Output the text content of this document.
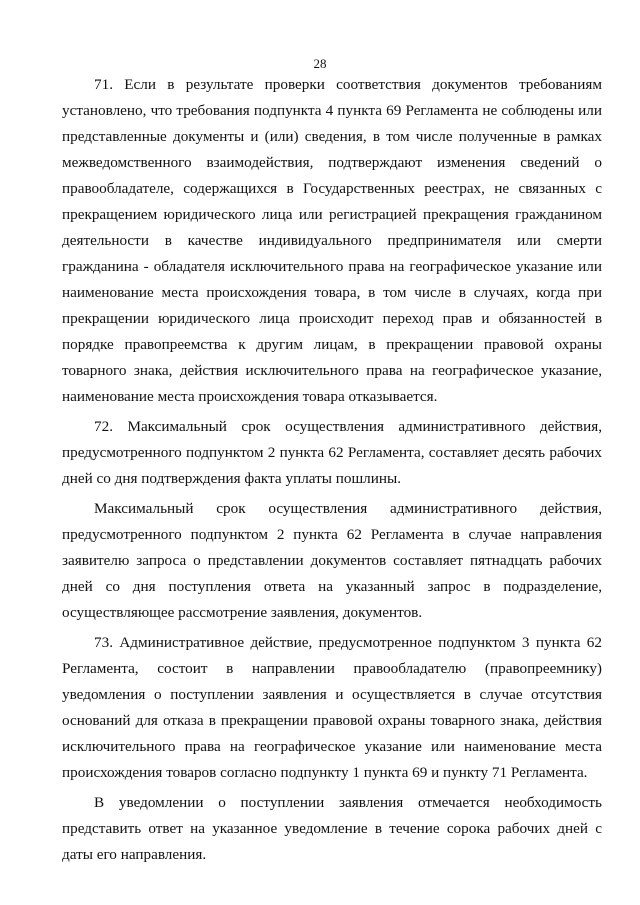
28

71. Если в результате проверки соответствия документов требованиям установлено, что требования подпункта 4 пункта 69 Регламента не соблюдены или представленные документы и (или) сведения, в том числе полученные в рамках межведомственного взаимодействия, подтверждают изменения сведений о правообладателе, содержащихся в Государственных реестрах, не связанных с прекращением юридического лица или регистрацией прекращения гражданином деятельности в качестве индивидуального предпринимателя или смерти гражданина - обладателя исключительного права на географическое указание или наименование места происхождения товара, в том числе в случаях, когда при прекращении юридического лица происходит переход прав и обязанностей в порядке правопреемства к другим лицам, в прекращении правовой охраны товарного знака, действия исключительного права на географическое указание, наименование места происхождения товара отказывается.

72. Максимальный срок осуществления административного действия, предусмотренного подпунктом 2 пункта 62 Регламента, составляет десять рабочих дней со дня подтверждения факта уплаты пошлины.

Максимальный срок осуществления административного действия, предусмотренного подпунктом 2 пункта 62 Регламента в случае направления заявителю запроса о представлении документов составляет пятнадцать рабочих дней со дня поступления ответа на указанный запрос в подразделение, осуществляющее рассмотрение заявления, документов.

73. Административное действие, предусмотренное подпунктом 3 пункта 62 Регламента, состоит в направлении правообладателю (правопреемнику) уведомления о поступлении заявления и осуществляется в случае отсутствия оснований для отказа в прекращении правовой охраны товарного знака, действия исключительного права на географическое указание или наименование места происхождения товаров согласно подпункту 1 пункта 69 и пункту 71 Регламента.

В уведомлении о поступлении заявления отмечается необходимость представить ответ на указанное уведомление в течение сорока рабочих дней с даты его направления.
